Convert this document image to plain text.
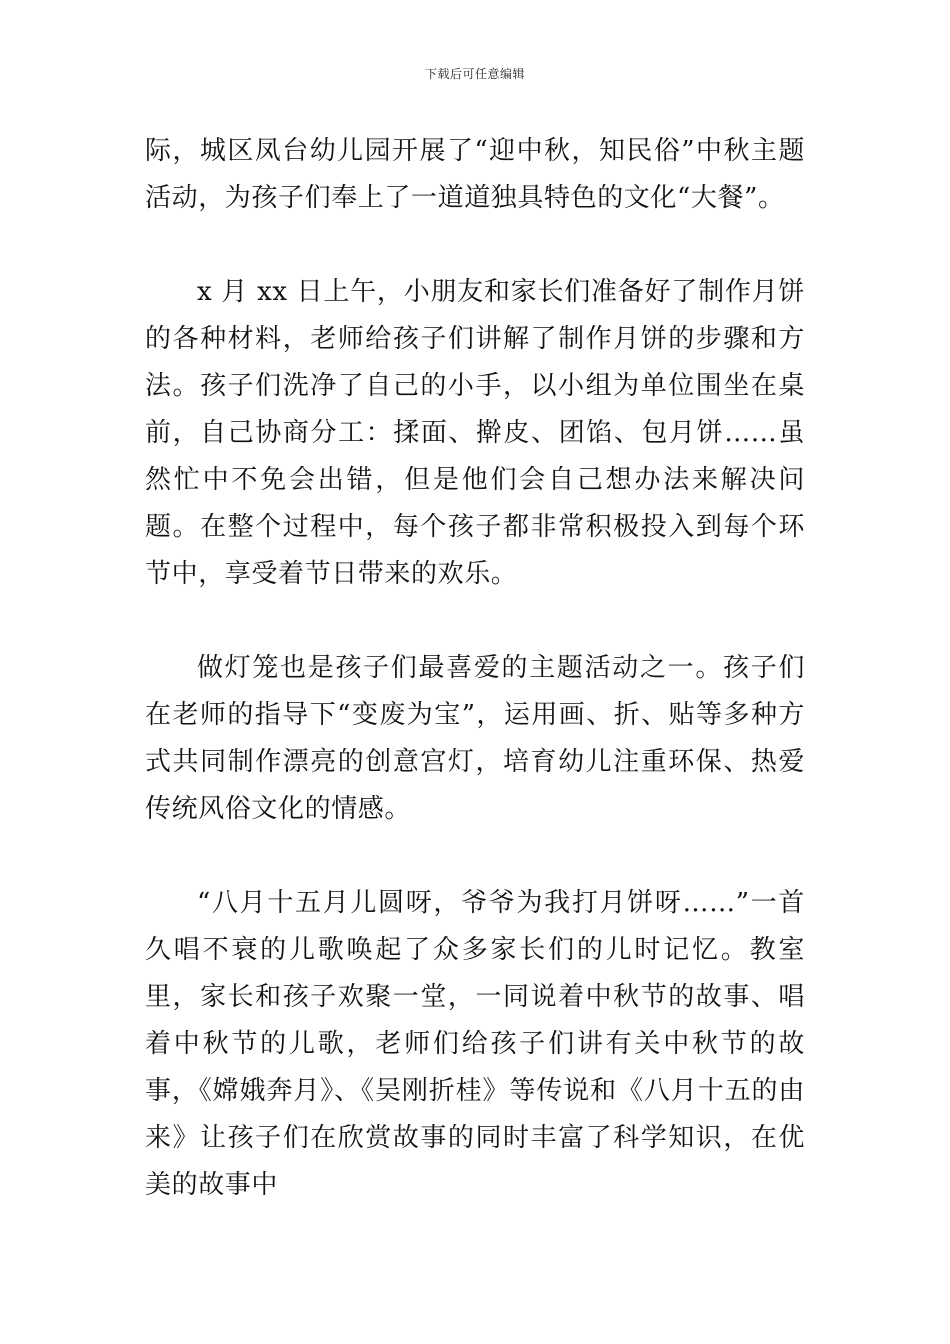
下载后可任意编辑

际，城区凤台幼儿园开展了“迎中秋，知民俗”中秋主题活动，为孩子们奉上了一道道独具特色的文化“大餐”。

x 月 xx 日上午，小朋友和家长们准备好了制作月饼的各种材料，老师给孩子们讲解了制作月饼的步骤和方法。孩子们洗净了自己的小手，以小组为单位围坐在桌前，自己协商分工：揉面、擀皮、团馅、包月饼……虽然忙中不免会出错，但是他们会自己想办法来解决问题。在整个过程中，每个孩子都非常积极投入到每个环节中，享受着节日带来的欢乐。

做灯笼也是孩子们最喜爱的主题活动之一。孩子们在老师的指导下“变废为宝”，运用画、折、贴等多种方式共同制作漂亮的创意宫灯，培育幼儿注重环保、热爱传统风俗文化的情感。

“八月十五月儿圆呀，爷爷为我打月饼呀……”一首久唱不衰的儿歌唤起了众多家长们的儿时记忆。教室里，家长和孩子欢聚一堂，一同说着中秋节的故事、唱着中秋节的儿歌，老师们给孩子们讲有关中秋节的故事，《嫦娥奔月》、《吴刚折桂》等传说和《八月十五的由来》让孩子们在欣赏故事的同时丰富了科学知识，在优美的故事中
